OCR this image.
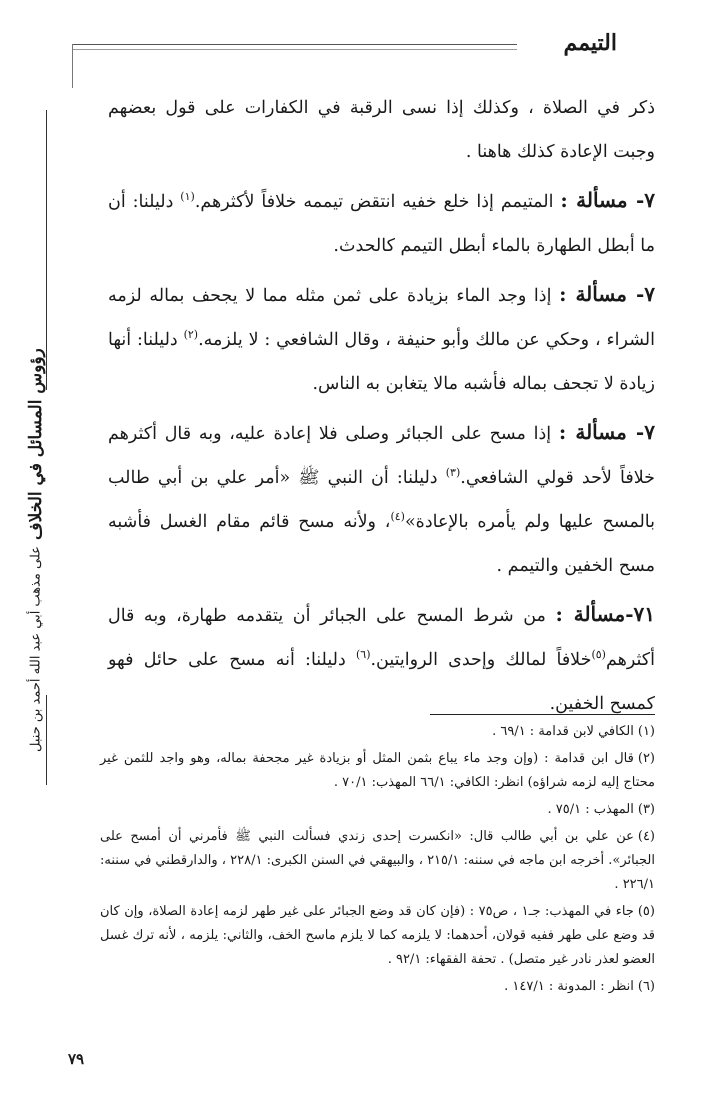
التيمم
رؤوس المسائل في الخلاف
على مذهب أبي عبد الله أحمد بن حنبل

ذكر في الصلاة ، وكذلك إذا نسى الرقبة في الكفارات على قول بعضهم وجبت الإعادة كذلك هاهنا .

٧- مسألة : المتيمم إذا خلع خفيه انتقض تيممه خلافاً لأكثرهم.$^{(١)}$ دليلنا: أن ما أبطل الطهارة بالماء أبطل التيمم كالحدث.

٧- مسألة : إذا وجد الماء بزيادة على ثمن مثله مما لا يجحف بماله لزمه الشراء ، وحكي عن مالك وأبو حنيفة ، وقال الشافعي : لا يلزمه.$^{(٢)}$ دليلنا: أنها زيادة لا تجحف بماله فأشبه مالا يتغابن به الناس.

٧- مسألة : إذا مسح على الجبائر وصلى فلا إعادة عليه، وبه قال أكثرهم خلافاً لأحد قولي الشافعي.$^{(٣)}$ دليلنا: أن النبي ﷺ «أمر علي بن أبي طالب بالمسح عليها ولم يأمره بالإعادة»$^{(٤)}$، ولأنه مسح قائم مقام الغسل فأشبه مسح الخفين والتيمم .

٧١-مسألة : من شرط المسح على الجبائر أن يتقدمه طهارة، وبه قال أكثرهم$^{(٥)}$خلافاً لمالك وإحدى الروايتين.$^{(٦)}$ دليلنا: أنه مسح على حائل فهو كمسح الخفين.

(١)الكافي لابن قدامة : ٦٩/١ .
(٢)قال ابن قدامة : (وإن وجد ماء يباع بثمن المثل أو بزيادة غير مجحفة بماله، وهو واجد للثمن غير محتاج إليه لزمه شراؤه) انظر: الكافي: ٦٦/١ المهذب: ٧٠/١ .
(٣)المهذب : ٧٥/١ .
(٤)عن علي بن أبي طالب قال: «انكسرت إحدى زندي فسألت النبي ﷺ فأمرني أن أمسح على الجبائر». أخرجه ابن ماجه في سننه: ٢١٥/١ ، والبيهقي في السنن الكبرى: ٢٢٨/١ ، والدارقطني في سننه: ٢٢٦/١ .
(٥)جاء في المهذب: جـ١ ، ص٧٥ : (فإن كان قد وضع الجبائر على غير طهر لزمه إعادة الصلاة، وإن كان قد وضع على طهر ففيه قولان، أحدهما: لا يلزمه كما لا يلزم ماسح الخف، والثاني: يلزمه ، لأنه ترك غسل العضو لعذر نادر غير متصل) . تحفة الفقهاء: ٩٢/١ .
(٦)انظر : المدونة : ١٤٧/١ .
٧٩
